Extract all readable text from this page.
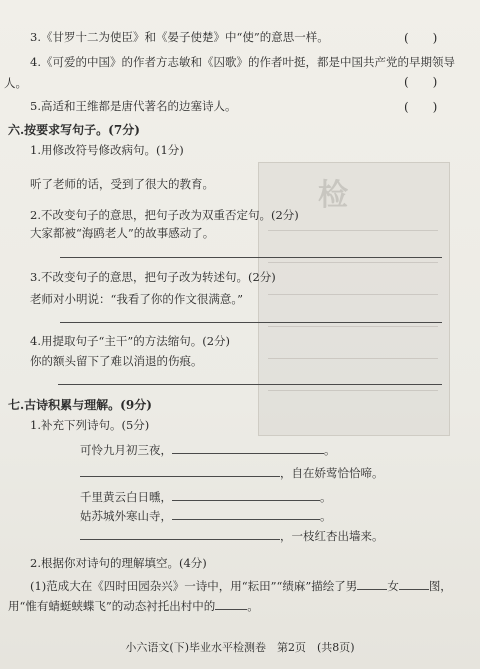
检
3.《甘罗十二为使臣》和《晏子使楚》中“使”的意思一样。	(　　)
4.《可爱的中国》的作者方志敏和《囚歌》的作者叶挺，都是中国共产党的早期领导
人。	(　　)
5.高适和王维都是唐代著名的边塞诗人。	(　　)
六.按要求写句子。(7分)
1.用修改符号修改病句。(1分)
听了老师的话，受到了很大的教育。
2.不改变句子的意思，把句子改为双重否定句。(2分)
大家都被“海鸥老人”的故事感动了。
3.不改变句子的意思，把句子改为转述句。(2分)
老师对小明说：“我看了你的作文很满意。”
4.用提取句子“主干”的方法缩句。(2分)
你的额头留下了难以消退的伤痕。
七.古诗积累与理解。(9分)
1.补充下列诗句。(5分)
可怜九月初三夜，	。
，自在娇莺恰恰啼。
千里黄云白日曛，	。
姑苏城外寒山寺，	。
，一枝红杏出墙来。
2.根据你对诗句的理解填空。(4分)
(1)范成大在《四时田园杂兴》一诗中，用“耘田”“绩麻”描绘了男	女	图，
用“惟有蜻蜓蛱蝶飞”的动态衬托出村中的	。
小六语文(下)毕业水平检测卷　第2页　(共8页)
